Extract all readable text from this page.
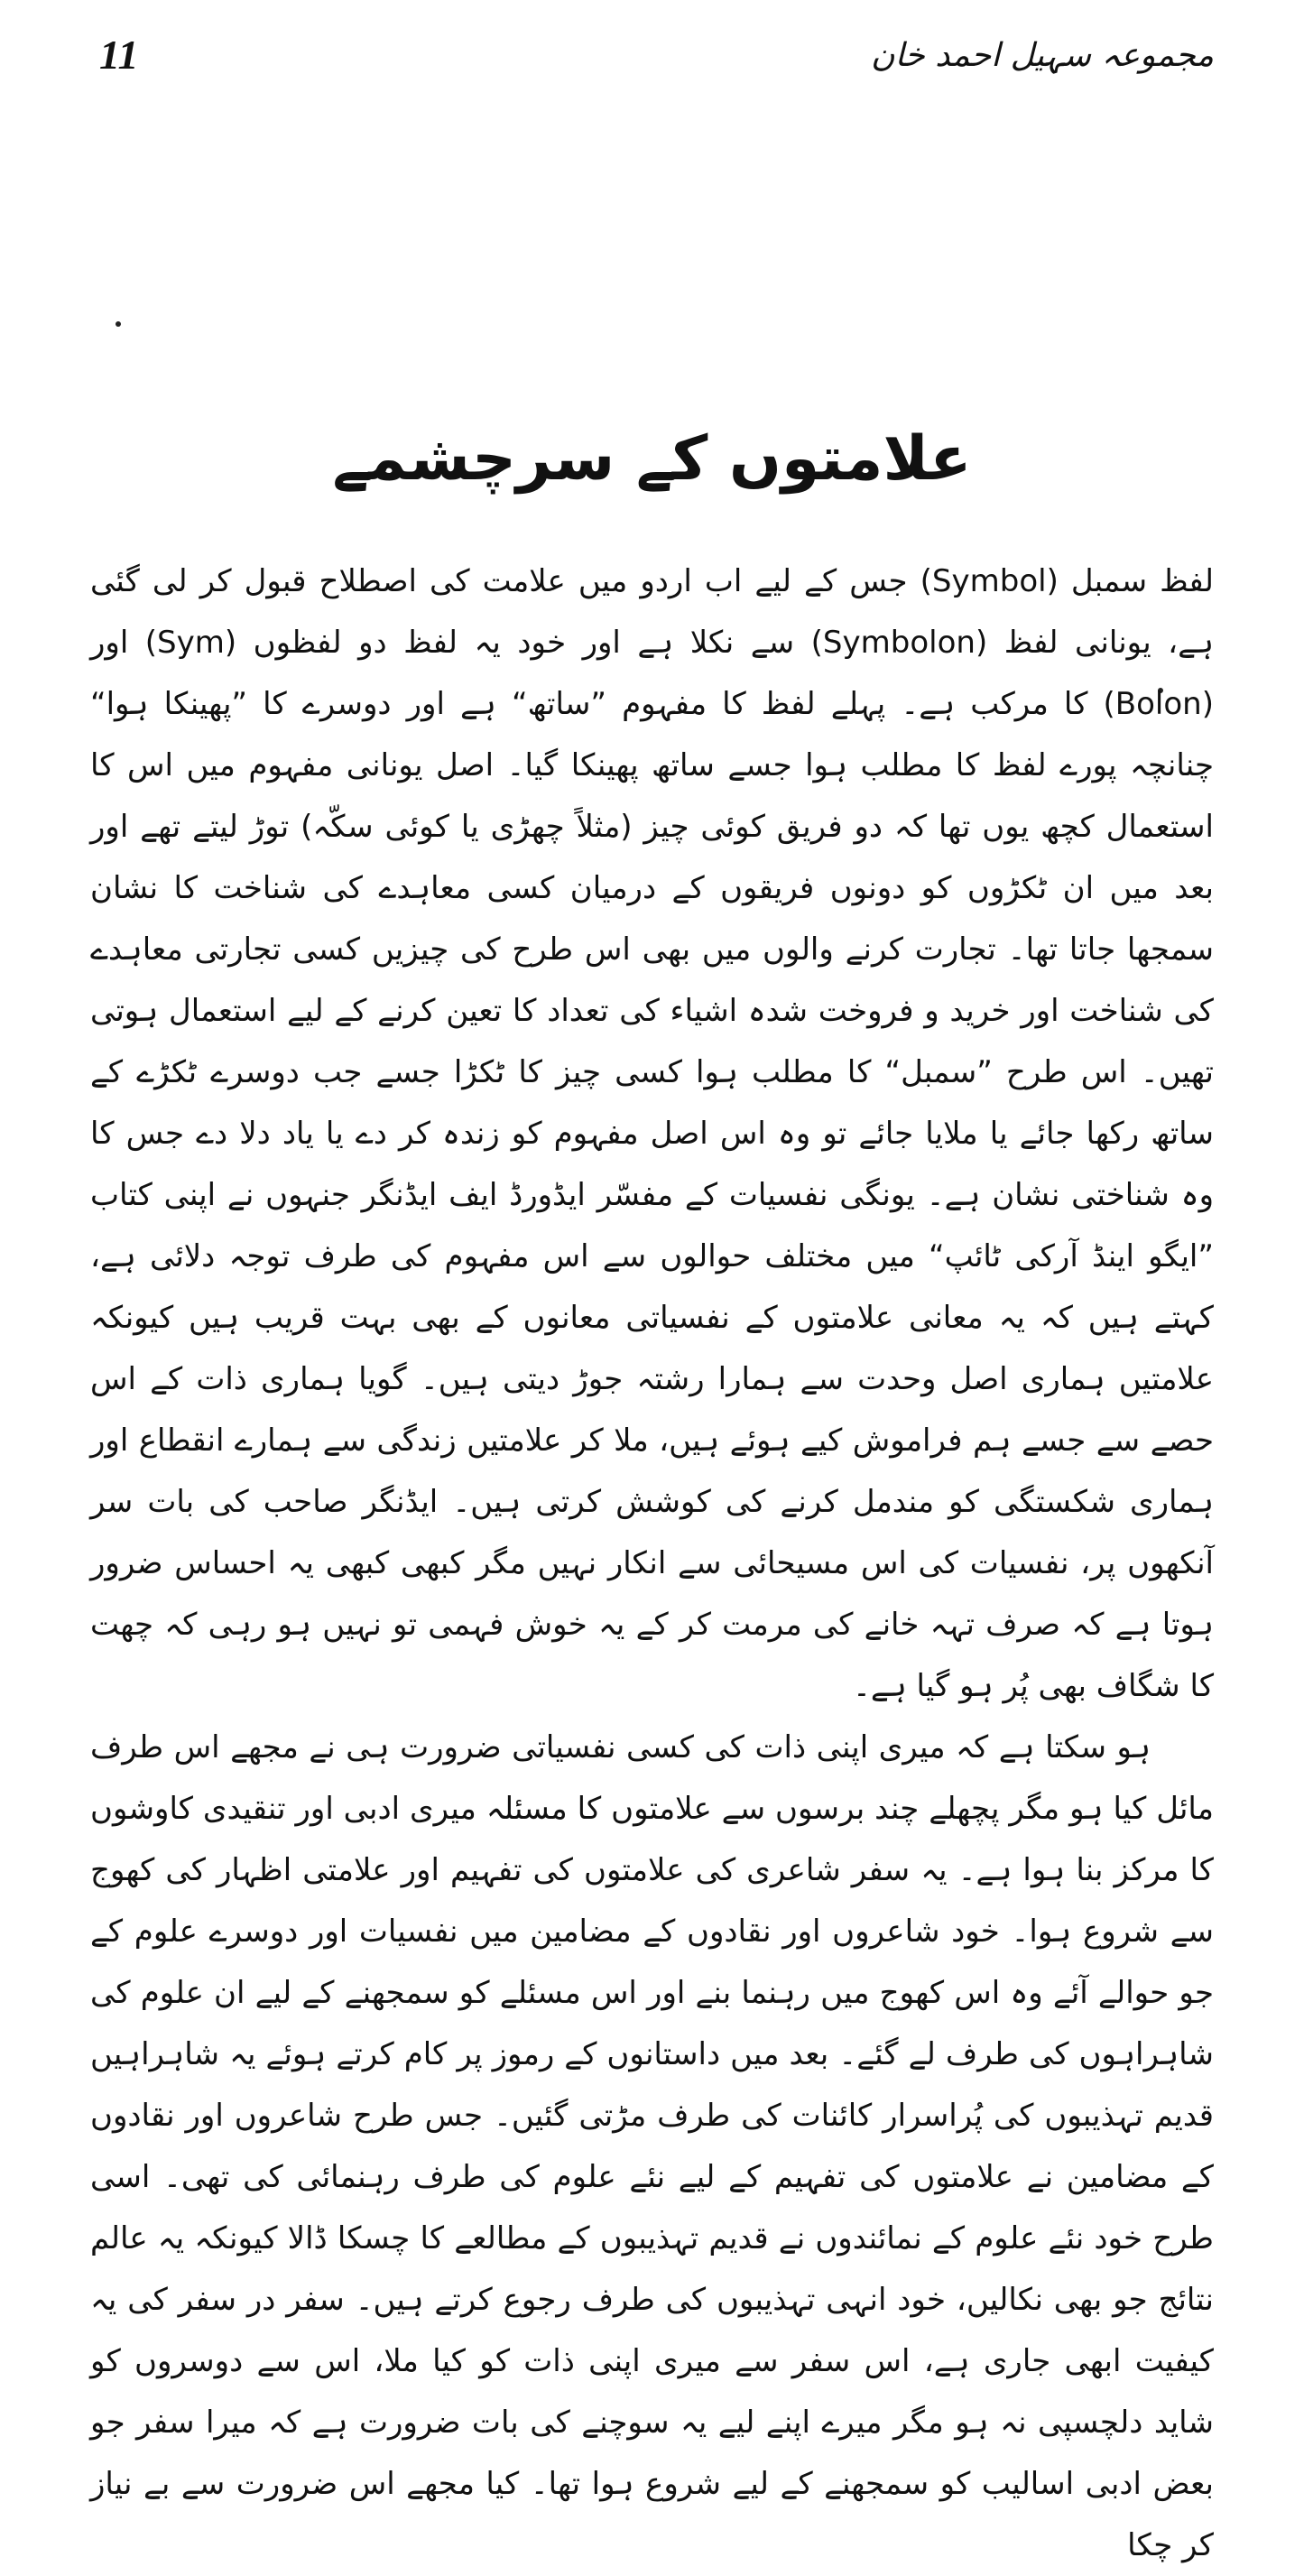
11	مجموعہ سہیل احمد خان
علامتوں کے سرچشمے

لفظ سمبل (Symbol) جس کے لیے اب اردو میں علامت کی اصطلاح قبول کر لی گئی ہے، یونانی لفظ (Symbolon) سے نکلا ہے اور خود یہ لفظ دو لفظوں (Sym) اور (Bolon) کا مرکب ہے۔ پہلے لفظ کا مفہوم ”ساتھ“ ہے اور دوسرے کا ”پھینکا ہوا“ چنانچہ پورے لفظ کا مطلب ہوا جسے ساتھ پھینکا گیا۔ اصل یونانی مفہوم میں اس کا استعمال کچھ یوں تھا کہ دو فریق کوئی چیز (مثلاً چھڑی یا کوئی سکّہ) توڑ لیتے تھے اور بعد میں ان ٹکڑوں کو دونوں فریقوں کے درمیان کسی معاہدے کی شناخت کا نشان سمجھا جاتا تھا۔ تجارت کرنے والوں میں بھی اس طرح کی چیزیں کسی تجارتی معاہدے کی شناخت اور خرید و فروخت شدہ اشیاء کی تعداد کا تعین کرنے کے لیے استعمال ہوتی تھیں۔ اس طرح ”سمبل“ کا مطلب ہوا کسی چیز کا ٹکڑا جسے جب دوسرے ٹکڑے کے ساتھ رکھا جائے یا ملایا جائے تو وہ اس اصل مفہوم کو زندہ کر دے یا یاد دلا دے جس کا وہ شناختی نشان ہے۔ یونگی نفسیات کے مفسّر ایڈورڈ ایف ایڈنگر جنہوں نے اپنی کتاب ”ایگو اینڈ آرکی ٹائپ“ میں مختلف حوالوں سے اس مفہوم کی طرف توجہ دلائی ہے، کہتے ہیں کہ یہ معانی علامتوں کے نفسیاتی معانوں کے بھی بہت قریب ہیں کیونکہ علامتیں ہماری اصل وحدت سے ہمارا رشتہ جوڑ دیتی ہیں۔ گویا ہماری ذات کے اس حصے سے جسے ہم فراموش کیے ہوئے ہیں، ملا کر علامتیں زندگی سے ہمارے انقطاع اور ہماری شکستگی کو مندمل کرنے کی کوشش کرتی ہیں۔ ایڈنگر صاحب کی بات سر آنکھوں پر، نفسیات کی اس مسیحائی سے انکار نہیں مگر کبھی کبھی یہ احساس ضرور ہوتا ہے کہ صرف تہہ خانے کی مرمت کر کے یہ خوش فہمی تو نہیں ہو رہی کہ چھت کا شگاف بھی پُر ہو گیا ہے۔

ہو سکتا ہے کہ میری اپنی ذات کی کسی نفسیاتی ضرورت ہی نے مجھے اس طرف مائل کیا ہو مگر پچھلے چند برسوں سے علامتوں کا مسئلہ میری ادبی اور تنقیدی کاوشوں کا مرکز بنا ہوا ہے۔ یہ سفر شاعری کی علامتوں کی تفہیم اور علامتی اظہار کی کھوج سے شروع ہوا۔ خود شاعروں اور نقادوں کے مضامین میں نفسیات اور دوسرے علوم کے جو حوالے آئے وہ اس کھوج میں رہنما بنے اور اس مسئلے کو سمجھنے کے لیے ان علوم کی شاہراہوں کی طرف لے گئے۔ بعد میں داستانوں کے رموز پر کام کرتے ہوئے یہ شاہراہیں قدیم تہذیبوں کی پُراسرار کائنات کی طرف مڑتی گئیں۔ جس طرح شاعروں اور نقادوں کے مضامین نے علامتوں کی تفہیم کے لیے نئے علوم کی طرف رہنمائی کی تھی۔ اسی طرح خود نئے علوم کے نمائندوں نے قدیم تہذیبوں کے مطالعے کا چسکا ڈالا کیونکہ یہ عالم نتائج جو بھی نکالیں، خود انہی تہذیبوں کی طرف رجوع کرتے ہیں۔ سفر در سفر کی یہ کیفیت ابھی جاری ہے، اس سفر سے میری اپنی ذات کو کیا ملا، اس سے دوسروں کو شاید دلچسپی نہ ہو مگر میرے اپنے لیے یہ سوچنے کی بات ضرورت ہے کہ میرا سفر جو بعض ادبی اسالیب کو سمجھنے کے لیے شروع ہوا تھا۔ کیا مجھے اس ضرورت سے بے نیاز کر چکا
